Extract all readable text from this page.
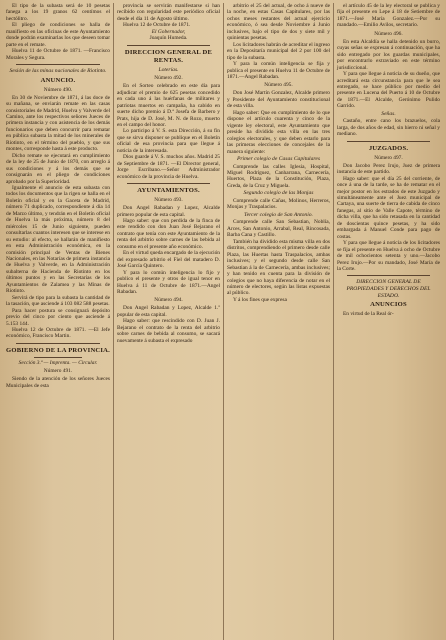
El tipo de la subasta será de 10 pesetas fanega a los 19 granos 62 centímos el hectólitro.

El pliego de condiciones se halla de manifiesto en las oficinas de este Ayuntamiento donde podrán examinarlas los que deseen tomar parte en el remate.

Huelva 11 de Octubre de 1871. —Francisco Morales y Segura.

Sesión de las minas nacionales de Riotinto.
ANUNCIO.
Número 490.

En 30 de Noviembre de 1871, á las doce de su mañana, se enviarán remate en las casas consistoriales de Madrid, Huelva y Valverde del Camino, ante los respectivos señores Jueces de primera instancia y con asistencia de los demás funcionarios que deben concurrir para rematar en pública subasta la mitad de los minerales de Riotinto, en el término del pueblo, y que sus montes, corresponde hasta á este producto.

Dicho remate se ejecutará en cumplimiento de la ley de 25 de Junio de 1870, con arreglo á sus condiciones y á los demás que se consignarán en el pliego de condiciones aprobado por la Superioridad.

Igualmente el anuncio de esta subasta con todos los documentos que la rigen se halla en el Boletín oficial y en la Gaceta de Madrid, número 71 duplicado, correspondiente á día 14 de Marzo último, y tendrán en el Boletín oficial de Huelva la más próxima, número 8 del miércoles 15 de Junio siguiente, pueden consultarlas cuantos interesen que se interese en su estudio: al efecto, se hallarán de manifiesto en esta Administración económica, en la comisión principal de Ventas de Bienes Nacionales, en las Notarías de primera instancia de Huelva y Valverde, en la Administración subalterna de Hacienda de Riotinto en los últimos puntos y en las Secretarías de los Ayuntamientos de Zalamea y las Minas de Riotinto.

Servirá de tipo para la subasta la cantidad de la tasación, que asciende á 103 082 588 pesetas.

Para hacer postura se consignará depósito previo del cinco por ciento que asciende á 5.153 144.

Huelva 12 de Octubre de 1871. —El Jefe económico, Francisco Martin.

GOBIERNO DE LA PROVINCIA.

Sección 3.ª — Imprenta. — Circular.

Número 491.

Siendo de la atención de los señores Jueces Municipales de esta

provincia se servirán manifestarse si han recibido con regularidad este periódico oficial desde el día 11 de Agosto último.

Huelva 12 de Octubre de 1871.

El Gobernador,

Joaquín Humeda.

DIRECCION GENERAL DE RENTAS.
Loterías.
Número 492.

En el Sorteo celebrado en este día para adjudicar el premio de 625 pesetas concedido en cada uno á las huérfanas de militares y patriotas muertos en campaña, ha cabido en suerte dicho premio á D.ª Josefa de Barbero y Prats, hija de D. José, M. N. de Rozo, muerto en el campo del honor.

Lo participo á V. S. esta Dirección, á su fin que se sirva disponer se publique en el Boletín oficial de esa provincia para que llegue á noticia de la interesada.

Dios guarde á V. S. muchos años. Madrid 25 de Septiembre de 1871. —El Director general, Jorge Escribano.—Señor Administrador económico de la provincia de Huelva.

AYUNTAMIENTOS.
Número 493.

Don Angel Rabadan y Lopez, Alcalde primero popular de esta capital.

Hago saber: que con perdida de la finca de este rendido con don Juan José Bejarano el contrato que tenía con este Ayuntamiento de la renta del arbitrio sobre carnes de las bebida al consumo en el presente año económico.

En el virtud queda encargado de la ejecución del expresado arbitrio el Fiel del matadero D. José García Quintero.

Y para lo común inteligencia lo fijo y publico el presente y otros de igual tenor en Huelva á 11 de Octubre de 1871.—Angel Rabadan.

Número 494.

Don Angel Rabadan y Lopez, Alcalde 1.º popular de esta capital.

Hago saber: que rescindido con D. Juan J. Bejarano el contrato de la renta del arbitrio sobre carnes de bebida al consumo, se sacará nuevamente á subasta el expresado

arbitrio el 25 del actual, de ocho á nueve de la noche, en estas Casas Capitulares, por las ochos meses restantes del actual ejercicio económico, ó sea desde Noviembre á Junio inclusives, bajo el tipo de dos y siete mil y quinientas pesetas.

Los licitadores habrán de acreditar el ingreso en la Depositaría municipal del 2 por 100 del tipo de la subasta.

Y para la común inteligencia se fija y publica el presente en Huelva 11 de Octubre de 1871.—Angel Rabadan.

Número 495.

Don José Martín Gonzalez, Alcalde primero y Presidente del Ayuntamiento constitucional de esta villa.

Hago saber: Que en cumplimiento de lo que dispone el artículo cuarenta y cinco de la vigente ley electoral, este Ayuntamiento que preside ha dividido esta villa en las tres colegios electorales, y que deben estarlo para las primeras elecciones de concejales de la manera siguiente:

Primer colegio de Casas Capitulares

Comprende las calles Iglesia, Hospital, Miguel Rodríguez, Canharrana, Carnecería, Huertos, Plaza de la Constitución, Plaza, Greda, de la Cruz y Miguela.

Segundo colegio de las Monjas

Comprende calle Cañas, Molinos, Herreros, Monjas y Traspalacios.

Tercer colegio de San Antonio.

Comprende calle San Sebastian, Noblía, Arces, San Antonio, Arrabal, Real, Rincosada, Barba Cana y Castillo.

También ha dividido esta misma villa en dos distritos, comprendiendo el primero desde calle Plaza, las Huertas hasta Traspalacios, ambas inclusives; y el segundo desde calle San Sebastian á la de Carnecería, ambas inclusives; y han tenido en cuenta para la división de colegios que no haya diferencia de notar en el número de electores, según las listas expuestas al público.

Y á los fines que expresa

el artículo 45 de la ley electoral se publica y fija el presente en Lepe á 18 de Setiembre de 1871.—José María Gonzalez.—Por su mandado.—Emilio Avilos, secretario.

Número 496.

En esta Alcaldía se halla detenido un burro, cuyas señas se expresan á continuación, que ha sido entregado por los guardas municipales, por encontrarlo extraviado en este término jurisdiccional.

Y para que llegue á noticia de su dueño, que acreditará esta circunstancia para que le sea entregado, se hace público por medio del presente en Lucena del Puerto á 10 de Octubre de 1871.—El Alcalde, Gerónimo Pulido Garrido.

Señas.

Castaño, entre cano los brazuelos, cola larga, de dos años de edad, sin hierro ni señal y mediano.

JUZGADOS.
Número 497.

Don Jacobo Perez Irujo, Juez de primera instancia de este partido.

Hago saber: que el día 25 del corriente, de once á una de la tarde, se ha de rematar en el mejor postor en los estrados de este Juzgado y simultáneamente ante el Juez municipal de Cartaya, una suerte de tierra de cabida de cinco fanegas, al sitio de Valle Capote, término de dicha villa, que ha sido retasada en la cantidad de doscientas quince pesetas, y ha sido embargada á Manuel Conde para pago de costas.

Y para que llegue á noticia de los licitadores se fija el presente en Huelva á ocho de Octubre de mil ochocientos setenta y uno.—Jacobo Perez Irujo.—Por su mandado, José María de la Corte.

DIRECCION GENERAL DE PROPIEDADES Y DERECHOS DEL ESTADO.
ANUNCIOS

En virtud de la Real ór-
